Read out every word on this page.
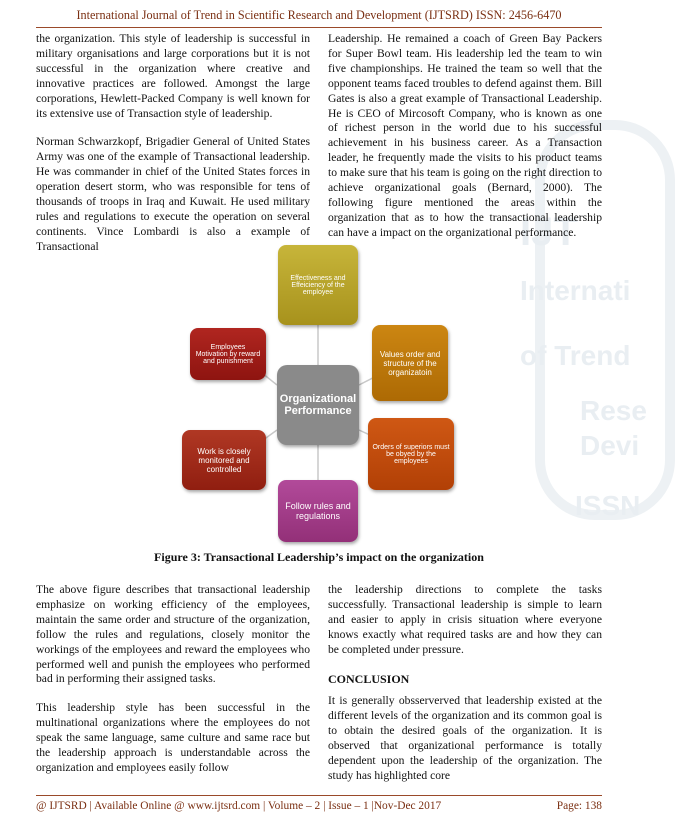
IJT
Internati
of Trend
Rese
Devi
ISSN
International Journal of Trend in Scientific Research and Development (IJTSRD) ISSN: 2456-6470

the organization. This style of leadership is successful in military organisations and large corporations but it is not successful in the organization where creative and innovative practices are followed. Amongst the large corporations, Hewlett-Packed Company is well known for its extensive use of Transaction style of leadership.

Norman Schwarzkopf, Brigadier General of United States Army was one of the example of Transactional leadership. He was commander in chief of the United States forces in operation desert storm, who was responsible for tens of thousands of troops in Iraq and Kuwait. He used military rules and regulations to execute the operation on several continents. Vince Lombardi is also a example of Transactional

Leadership. He remained a coach of Green Bay Packers for Super Bowl team. His leadership led the team to win five championships. He trained the team so well that the opponent teams faced troubles to defend against them. Bill Gates is also a great example of Transactional Leadership. He is CEO of Mircosoft Company, who is known as one of richest person in the world due to his successful achievement in his business career. As a Transaction leader, he frequently made the visits to his product teams to make sure that his team is going on the right direction to achieve organizational goals (Bernard, 2000). The following figure mentioned the areas within the organization that as to how the transactional leadership can have a impact on the organizational performance.

Organizational Performance
Effectiveness and Effeiciency of the employee
Values order and structure of the organizatoin
Orders of superiors must be obyed by the employees
Follow rules and regulations
Work is closely monitored and controlled
Employees Motivation by reward and punishment
Figure 3: Transactional Leadership’s impact on the organization

The above figure describes that transactional leadership emphasize on working efficiency of the employees, maintain the same order and structure of the organization, follow the rules and regulations, closely monitor the workings of the employees and reward the employees who performed well and punish the employees who performed bad in performing their assigned tasks.

This leadership style has been successful in the multinational organizations where the employees do not speak the same language, same culture and same race but the leadership approach is understandable across the organization and employees easily follow

the leadership directions to complete the tasks successfully. Transactional leadership is simple to learn and easier to apply in crisis situation where everyone knows exactly what required tasks are and how they can be completed under pressure.

CONCLUSION

It is generally obsserverved that leadership existed at the different levels of the organization and its common goal is to obtain the desired goals of the organization. It is observed that organizational performance is totally dependent upon the leadership of the organization. The study has highlighted core

@ IJTSRD | Available Online @ www.ijtsrd.com | Volume – 2 | Issue – 1 |Nov-Dec 2017	Page: 138
